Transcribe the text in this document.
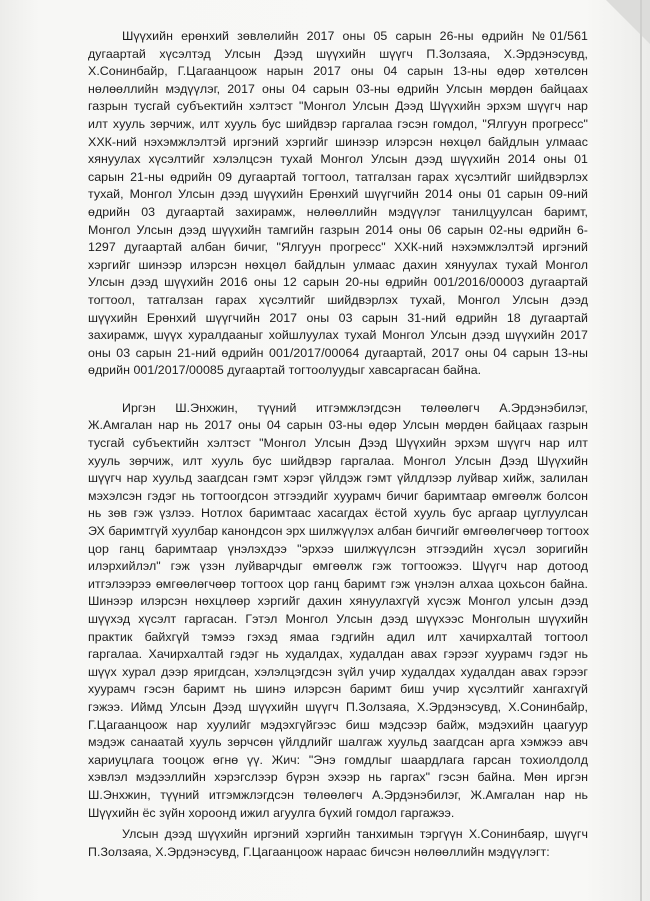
Шүүхийн ерөнхий зөвлөлийн 2017 оны 05 сарын 26-ны өдрийн №01/561
дугаартай хүсэлтэд Улсын Дээд шүүхийн шүүгч П.Золзаяа, Х.Эрдэнэсувд,
Х.Сонинбайр, Г.Цагаанцоож нарын 2017 оны 04 сарын 13-ны өдөр хөтөлсөн
нөлөөллийн мэдүүлэг, 2017 оны 04 сарын 03-ны өдрийн Улсын мөрдөн байцаах
газрын тусгай субъектийн хэлтэст "Монгол Улсын Дээд Шүүхийн эрхэм шүүгч нар
илт хууль зөрчиж, илт хууль бус шийдвэр гаргалаа гэсэн гомдол, "Ялгуун прогресс"
ХХК-ний нэхэмжлэлтэй иргэний хэргийг шинээр илэрсэн нөхцөл байдлын улмаас
хянуулах хүсэлтийг хэлэлцсэн тухай Монгол Улсын дээд шүүхийн 2014 оны 01
сарын 21-ны өдрийн 09 дугаартай тогтоол, татгалзан гарах хүсэлтийг шийдвэрлэх
тухай, Монгол Улсын дээд шүүхийн Ерөнхий шүүгчийн 2014 оны 01 сарын 09-ний
өдрийн 03 дугаартай захирамж, нөлөөллийн мэдүүлэг танилцуулсан баримт,
Монгол Улсын дээд шүүхийн тамгийн газрын 2014 оны 06 сарын 02-ны өдрийн 6-
1297 дугаартай албан бичиг, "Ялгуун прогресс" ХХК-ний нэхэмжлэлтэй иргэний
хэргийг шинээр илэрсэн нөхцөл байдлын улмаас дахин хянуулах тухай Монгол
Улсын дээд шүүхийн 2016 оны 12 сарын 20-ны өдрийн 001/2016/00003 дугаартай
тогтоол, татгалзан гарах хүсэлтийг шийдвэрлэх тухай, Монгол Улсын дээд
шүүхийн Ерөнхий шүүгчийн 2017 оны 03 сарын 31-ний өдрийн 18 дугаартай
захирамж, шүүх хуралдааныг хойшлуулах тухай Монгол Улсын дээд шүүхийн 2017
оны 03 сарын 21-ний өдрийн 001/2017/00064 дугаартай, 2017 оны 04 сарын 13-ны
өдрийн 001/2017/00085 дугаартай тогтоолуудыг хавсаргасан байна.
Иргэн Ш.Энхжин, түүний итгэмжлэгдсэн төлөөлөгч А.Эрдэнэбилэг,
Ж.Амгалан нар нь 2017 оны 04 сарын 03-ны өдөр Улсын мөрдөн байцаах газрын
тусгай субъектийн хэлтэст "Монгол Улсын Дээд Шүүхийн эрхэм шүүгч нар илт
хууль зөрчиж, илт хууль бус шийдвэр гаргалаа. Монгол Улсын Дээд Шүүхийн
шүүгч нар хуульд заагдсан гэмт хэрэг үйлдэж гэмт үйлдлээр луйвар хийж, залилан
мэхэлсэн гэдэг нь тогтоогдсон этгээдийг хуурамч бичиг баримтаар өмгөөлж болсон
нь зөв гэж үзлээ. Нотлох баримтаас хасагдах ёстой хууль бус аргаар цуглуулсан
ЭХ баримтгүй хуулбар канондсон эрх шилжүүлэх албан бичгийг өмгөөлөгчөөр тогтоох
цор ганц баримтаар үнэлэхдээ "эрхээ шилжүүлсэн этгээдийн хүсэл зоригийн
илэрхийлэл" гэж үзэн луйварчдыг өмгөөлж гэж тогтоожээ. Шүүгч нар дотоод
итгэлээрээ өмгөөлөгчөөр тогтоох цор ганц баримт гэж үнэлэн алхаа цохьсон байна.
Шинээр илэрсэн нөхцлөөр хэргийг дахин хянуулахгүй хүсэж Монгол улсын дээд
шүүхэд хүсэлт гаргасан. Гэтэл Монгол Улсын дээд шүүхээс Монголын шүүхийн
практик байхгүй тэмээ гэхэд ямаа гэдгийн адил илт хачирхалтай тогтоол
гаргалаа. Хачирхалтай гэдэг нь худалдах, худалдан авах гэрээг хуурамч гэдэг нь
шүүх хурал дээр яригдсан, хэлэлцэгдсэн зүйл учир худалдах худалдан авах гэрээг
хуурамч гэсэн баримт нь шинэ илэрсэн баримт биш учир хүсэлтийг хангахгүй
гэжээ. Иймд Улсын Дээд шүүхийн шүүгч П.Золзаяа, Х.Эрдэнэсувд, Х.Сонинбайр,
Г.Цагаанцоож нар хуулийг мэдэхгүйгээс биш мэдсээр байж, мэдэхийн цаагуур
мэдэж санаатай хууль зөрчсөн үйлдлийг шалгаж хуульд заагдсан арга хэмжээ авч
хариуцлага тооцож өгнө үү. Жич: "Энэ гомдлыг шаардлага гарсан тохиолдолд
хэвлэл мэдээллийн хэрэгслээр бүрэн эхээр нь гаргах" гэсэн байна. Мөн иргэн
Ш.Энхжин, түүний итгэмжлэгдсэн төлөөлөгч А.Эрдэнэбилэг, Ж.Амгалан нар нь
Шүүхийн ёс зүйн хороонд ижил агуулга бүхий гомдол гаргажээ.
Улсын дээд шүүхийн иргэний хэргийн танхимын тэргүүн Х.Сонинбаяр, шүүгч
П.Золзаяа, Х.Эрдэнэсувд, Г.Цагаанцоож нараас бичсэн нөлөөллийн мэдүүлэгт:
